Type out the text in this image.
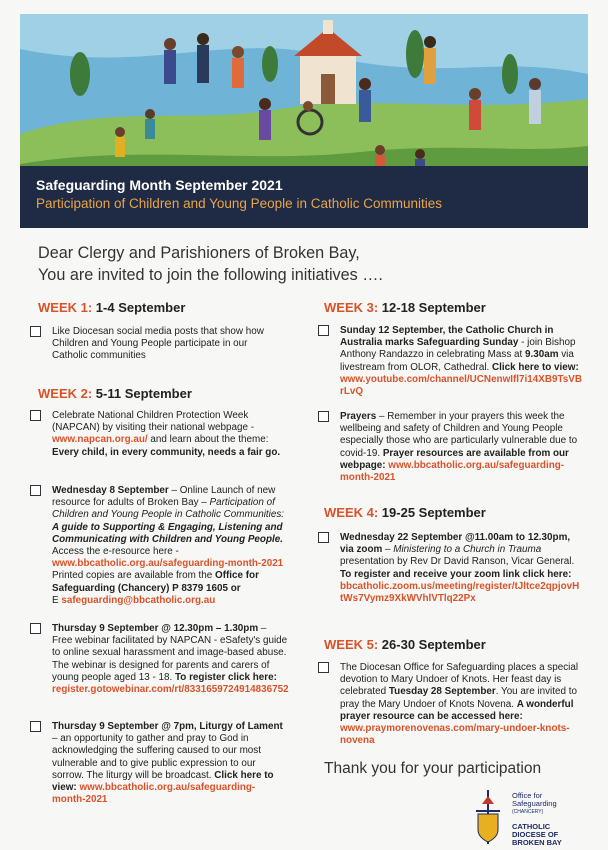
Safeguarding Month September 2021
Participation of Children and Young People in Catholic Communities
Dear Clergy and Parishioners of Broken Bay,
You are invited to join the following initiatives ….
WEEK 1: 1-4 September
Like Diocesan social media posts that show how Children and Young People participate in our Catholic communities
WEEK 2: 5-11 September
Celebrate National Children Protection Week (NAPCAN) by visiting their national webpage - www.napcan.org.au/ and learn about the theme: Every child, in every community, needs a fair go.
Wednesday 8 September – Online Launch of new resource for adults of Broken Bay – Participation of Children and Young People in Catholic Communities: A guide to Supporting & Engaging, Listening and Communicating with Children and Young People. Access the e-resource here - www.bbcatholic.org.au/safeguarding-month-2021 Printed copies are available from the Office for Safeguarding (Chancery) P 8379 1605 or
E safeguarding@bbcatholic.org.au
Thursday 9 September @ 12.30pm – 1.30pm – Free webinar facilitated by NAPCAN - eSafety's guide to online sexual harassment and image-based abuse. The webinar is designed for parents and carers of young people aged 13 - 18. To register click here: register.gotowebinar.com/rt/8331659724914836752
Thursday 9 September @ 7pm, Liturgy of Lament – an opportunity to gather and pray to God in acknowledging the suffering caused to our most vulnerable and to give public expression to our sorrow. The liturgy will be broadcast. Click here to view: www.bbcatholic.org.au/safeguarding-month-2021
WEEK 3: 12-18 September
Sunday 12 September, the Catholic Church in Australia marks Safeguarding Sunday - join Bishop Anthony Randazzo in celebrating Mass at 9.30am via livestream from OLOR, Cathedral. Click here to view: www.youtube.com/channel/UCNenwIfl7i14XB9TsVBrLvQ
Prayers – Remember in your prayers this week the wellbeing and safety of Children and Young People especially those who are particularly vulnerable due to covid-19. Prayer resources are available from our webpage: www.bbcatholic.org.au/safeguarding-month-2021
WEEK 4: 19-25 September
Wednesday 22 September @11.00am to 12.30pm, via zoom – Ministering to a Church in Trauma presentation by Rev Dr David Ranson, Vicar General. To register and receive your zoom link click here: bbcatholic.zoom.us/meeting/register/tJltce2qpjovHtWs7Vymz9XkWVhlVTlq22Px
WEEK 5: 26-30 September
The Diocesan Office for Safeguarding places a special devotion to Mary Undoer of Knots. Her feast day is celebrated Tuesday 28 September. You are invited to pray the Mary Undoer of Knots Novena. A wonderful prayer resource can be accessed here: www.praymorenovenas.com/mary-undoer-knots-novena
Thank you for your participation
Office for
Safeguarding
(CHANCERY)
CATHOLIC
DIOCESE OF
BROKEN BAY
